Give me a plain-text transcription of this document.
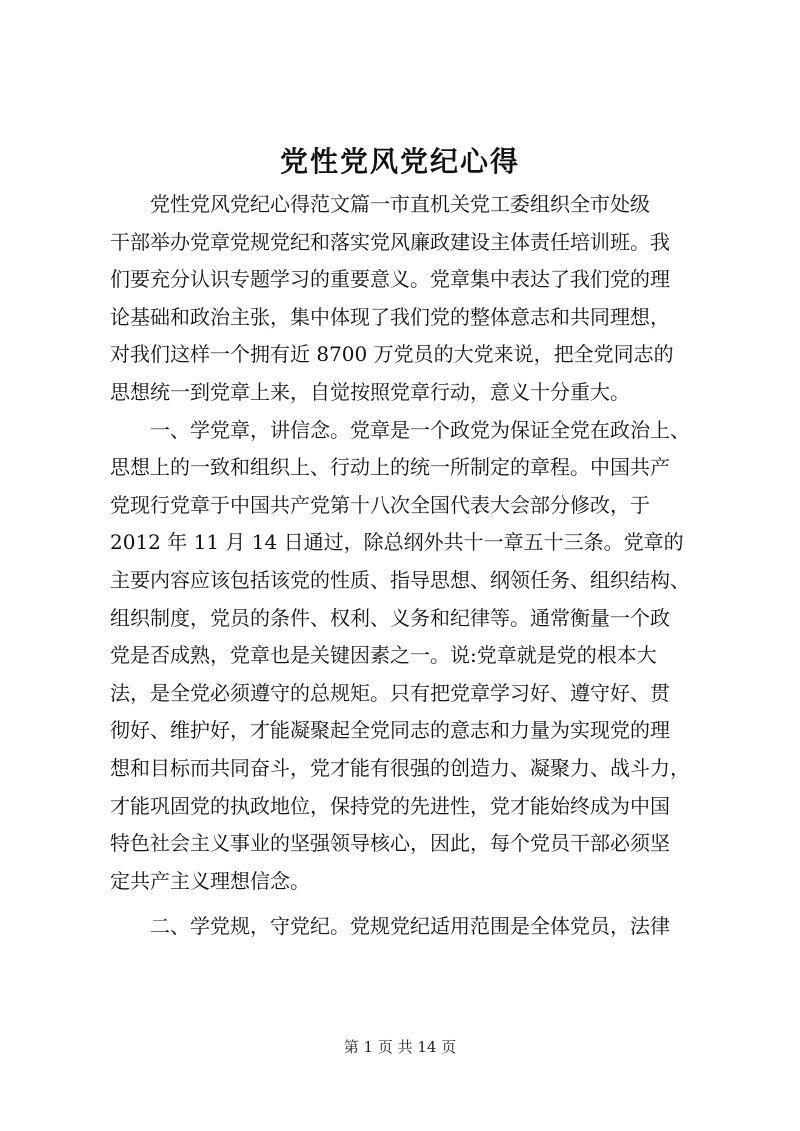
党性党风党纪心得
党性党风党纪心得范文篇一市直机关党工委组织全市处级
干部举办党章党规党纪和落实党风廉政建设主体责任培训班。我
们要充分认识专题学习的重要意义。党章集中表达了我们党的理
论基础和政治主张，集中体现了我们党的整体意志和共同理想，
对我们这样一个拥有近 8700 万党员的大党来说，把全党同志的
思想统一到党章上来，自觉按照党章行动，意义十分重大。
一、学党章，讲信念。党章是一个政党为保证全党在政治上、
思想上的一致和组织上、行动上的统一所制定的章程。中国共产
党现行党章于中国共产党第十八次全国代表大会部分修改，于
2012 年 11 月 14 日通过，除总纲外共十一章五十三条。党章的
主要内容应该包括该党的性质、指导思想、纲领任务、组织结构、
组织制度，党员的条件、权利、义务和纪律等。通常衡量一个政
党是否成熟，党章也是关键因素之一。说:党章就是党的根本大
法，是全党必须遵守的总规矩。只有把党章学习好、遵守好、贯
彻好、维护好，才能凝聚起全党同志的意志和力量为实现党的理
想和目标而共同奋斗，党才能有很强的创造力、凝聚力、战斗力，
才能巩固党的执政地位，保持党的先进性，党才能始终成为中国
特色社会主义事业的坚强领导核心，因此，每个党员干部必须坚
定共产主义理想信念。
二、学党规，守党纪。党规党纪适用范围是全体党员，法律
第 1 页 共 14 页
